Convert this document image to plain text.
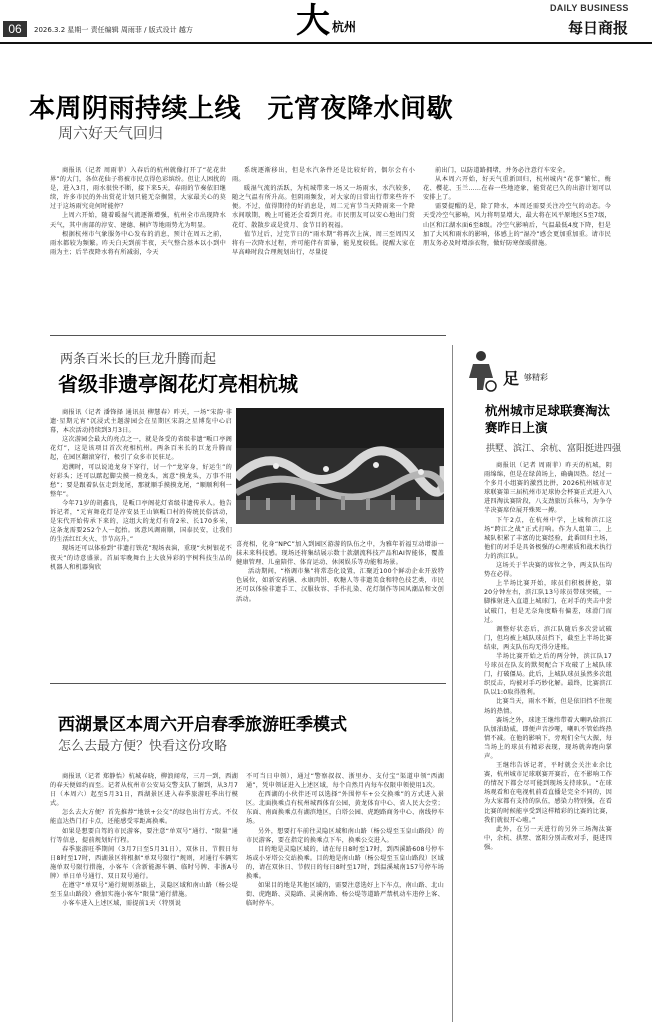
06	2026.3.2 星期一 责任编辑 周雨菲 / 版式设计 越方	大 杭州
DAILY BUSINESS
每日商报
本周阴雨持续上线　元宵夜降水间歇
周六好天气回归

商报讯（记者 周雨菲）入春后的杭州就像打开了“花花世界”的大门，各位花仙子将被市民点得色彩缤纷。但让人困扰的是，进入3月，雨水很快不断，接下来5天，春雨的节奏依旧继续，许多市民的外出赏花计划只能无奈搁置，大家最关心的莫过于这场雨究竟何时能停？

上周六开始，随着暖湿气流逐渐增强，杭州全市出现降水天气，其中南部的淳安、建德、桐庐等地雨势尤为明显。

根据杭州市气象服务中心发布的消息，预计在周五之前，雨水都较为频繁。昨天白天到前半夜，天气整合基本以小到中雨为主；后半夜降水将有所减弱，今天

系统逐渐移出，但是水汽条件还是比较好的，偶尔会有小雨。

暖湿气流的活跃，为杭城带来一场又一场雨水，水汽较多，随之气温有所升高。但阴雨频发，对大家的日常出行带来些许不便。不过，值得期待的好消息是，周二元宵节当天降雨来一个降水间歇期，晚上可能还会看到月亮。市民朋友可以安心地出门赏花灯、散散步或是赏月、食节目的祝福。

值节过后，过完节日的“雨水期”将再次上演，周三至周四又将有一次降水过程，并可能伴有雷暴，能见度较低。提醒大家在早高峰时段合理规划出行，尽量提

前出门，以防道路拥堵，并务必注意行车安全。

从本周六开始，好天气重新回归，杭州城内“花事”繁忙，梅花、樱花、玉兰……在春一些地迹象，能赏花已久的出游计划可以安排上了。

需要提醒的是，除了降水，本周还需要关注冷空气的动态。今天受冷空气影响，风力将明显增大，最大将在风平原地区5至7级，山区和江湖水面6至8级。冷空气影响后，气温最低4度下降，但是加了大风和雨水的影响，体感上的“湿冷”感会更加重加重。请市民朋友务必及时增添衣物，做好防寒保暖措施。

两条百米长的巨龙升腾而起
省级非遗亭阁花灯亮相杭城

商报讯（记者 潘锋择 通讯员 柳慧春）昨天，一场“宋韵·非遗·星期元宵”沉浸式主题游园会在星期区宋韵之星博览中心启幕，本次活动持续到3月3日。

这次游园会最大的亮点之一，就是备受的省级非遗“畈口亭阁花灯”，这是该项目首次亮相杭州。两条百米长的巨龙升腾而起，在园区翻滚穿行，极引了众多市民驻足。

追溯时，可以说追龙身下穿行，讨一个“龙穿身，好运生”的好彩头；还可以踮起脚尖摸一摸龙头，寓意“摸龙头，万事不用愁”；要是跟着队伍走到龙尾，那就顺手摸摸龙尾，“顺顺利利一整年”。

今年71岁的胡鑫良，是畈口亭阁花灯省级非遗传承人。他告诉记者，“元宵舞花灯是淳安县王山镇畈口村的传统民俗活动，是宋代开始传承下来的，这组大的龙灯有奇2米、长170多米，这条龙需要252个人一起抬。寓意风调雨顺，国泰民安，让我们的生活红红火火、节节高升。”

现场还可以体验到“非遗打铁花”现场表演，重现“火树银花不夜天”的诗意盛景。首届零晚舞台上大放异彩的宇树科技生品的机器人和机器狗欣

喜亮相，化身“NPC”加入到园区游游的队伍之中，为雅年祈福互动增添一抹未来科技感。现场还将集结展示数十款潮流科技产品和AI智能体，覆盖健康管理、儿童陪伴、体育运动、休闲娱乐等功能和场景。

活动期间，“格调市集”将常态化设置，汇聚近100个鲜动企业开放特色展位，如新安药膳、永康肉饼、吹糖人等非遗美食和特色技艺类，市民还可以体验非遗手工、汉服妆容、手作扎染、花灯制作等国风潮品和文创活动。

西湖景区本周六开启春季旅游旺季模式
怎么去最方便？快看这份攻略

商报讯（记者 郑静怡）杭城春晓，柳浪闻莺，三月一到，西湖的春天便如约而至。记者从杭州市公安局交警支队了解到，从3月7日（本周六）起至5月31日，西湖景区进入春季旅游旺季出行模式。

怎么去大方便？首先推荐“地铁+公交”的绿色出行方式。不仅能直达热门打卡点，还能感受零距离换乘。

如果是想要自驾的市民游客，要注意“单双号”通行、“限量”通行等信息，提前规划好行程。

春季旅游旺季期间（3月7日至5月31日），双休日、节假日每日8时至17时，西湖景区将根据“单双号限行”规则，对通行车辆实施单双号限行措施，小客车（含新能源车辆、临时号牌、非浙A号牌）单日单号通行、双日双号通行。

在遵守“单双号”通行规则基础上，灵隐区域和南山路（杨公堤至玉皇山路段）叠加实施小客车“限量”通行措施。

小客车进入上述区域，需提前1天（特别说

不可当日申领），通过“警察叔叔、浙里办、支付宝”渠道申领“西湖通”，凭申领证进入上述区域，每个自然月内每车仅限申领使用1次。

在西湖的小伙伴还可以选择“外围停车+公交换乘”的方式进入景区。北面换乘点有杭州城西体育公园，黄龙体育中心、省人民大会堂；东面、南面换乘点有湖滨地区，白塔公园、虎跑路商务中心、南线停车场。

另外，想要打车前往灵隐区域和南山路（杨公堤至玉皇山路段）的市民游客，要在指定的换乘点下车，换乘公交进入。

目的地是灵隐区域的，请在每日8时至17时，到西溪路608号停车场或小牙塔公交站换乘。目的地是南山路（杨公堤至玉皇山路段）区域的，请在双休日、节假日的每日8时至17时，到温溪城南157号停车场换乘。

如果目的地是其他区域的，需要注意选好上下车点，南山路、北山街、虎跑路、灵隐路、灵溪南路、杨公堤等道路严禁机动车违停上客、临时停车。

足 够精彩
杭州城市足球联赛淘汰赛昨日上演
拱墅、滨江、余杭、富阳挺进四强

商报讯（记者 周雨菲）昨天的杭城，阴雨绵绵，但是在绿茵场上，确确因热。经过一个多月小组赛的激烈比拼，2026杭州城市足球联赛第三届杭州市足球协会杯赛正式进入八进四淘汰赛阶段，八支劲旅厉兵秣马，为争夺半决赛席位展开殊死一搏。

下午2点，在杭州中学，上城和滨江这场“跨江之战”正式打响。作为人组第二，上城队积累了丰富的比赛经验，此番回归主场，他们的对手是具备极强的心理素质和战术执行力的滨江队。

这场关于半决赛的席位之争，两支队伍均势在必得。

上半场比赛开始，球员们积极拼抢，第20分钟左右，滨江队13号球员带球突破，一脚推射进入直道上城球门，在对手的夹击中尝试破门，但是无奈角度略有偏差，球滑门而过。

调整好状态后，滨江队随后多次尝试破门，但均被上城队球员挡下，截至上半场比赛结束，两支队伍均无得分进账。

半场比赛开始之后的两分钟，滨江队17号球员在队友的默契配合下攻破了上城队球门，打破僵局。此后，上城队球员虽然多次组织反击，均被对手巧妙化解。最终，比赛滨江队以1:0取得胜利。

比赛当天，雨水不断，但是依旧挡不住现场的热情。

赛场之外，球迷王继纬带着大喇叭给滨江队加油助威，即便声音沙哑，喇叭不管始终热情不减。在他的影响下，旁观们全气大振，每当场上的球员有精彩表现，现场就奔跑向掌声。

王继纬告诉记者，平时就会关注业余比赛，杭州城市足球联赛开赛后，在不影响工作的情况下都会尽可能到现场支持球队。“在球场观看和在电视机前看直播是完全不同的，因为大家都有支持的队伍，感染力特别强，在看比赛的时候能享受到这样精彩的比赛的比赛，我们就很开心啦。”

此外，在另一天进行的另外三场淘汰赛中，余杭、拱墅、富阳分别击败对手，挺进四强。
